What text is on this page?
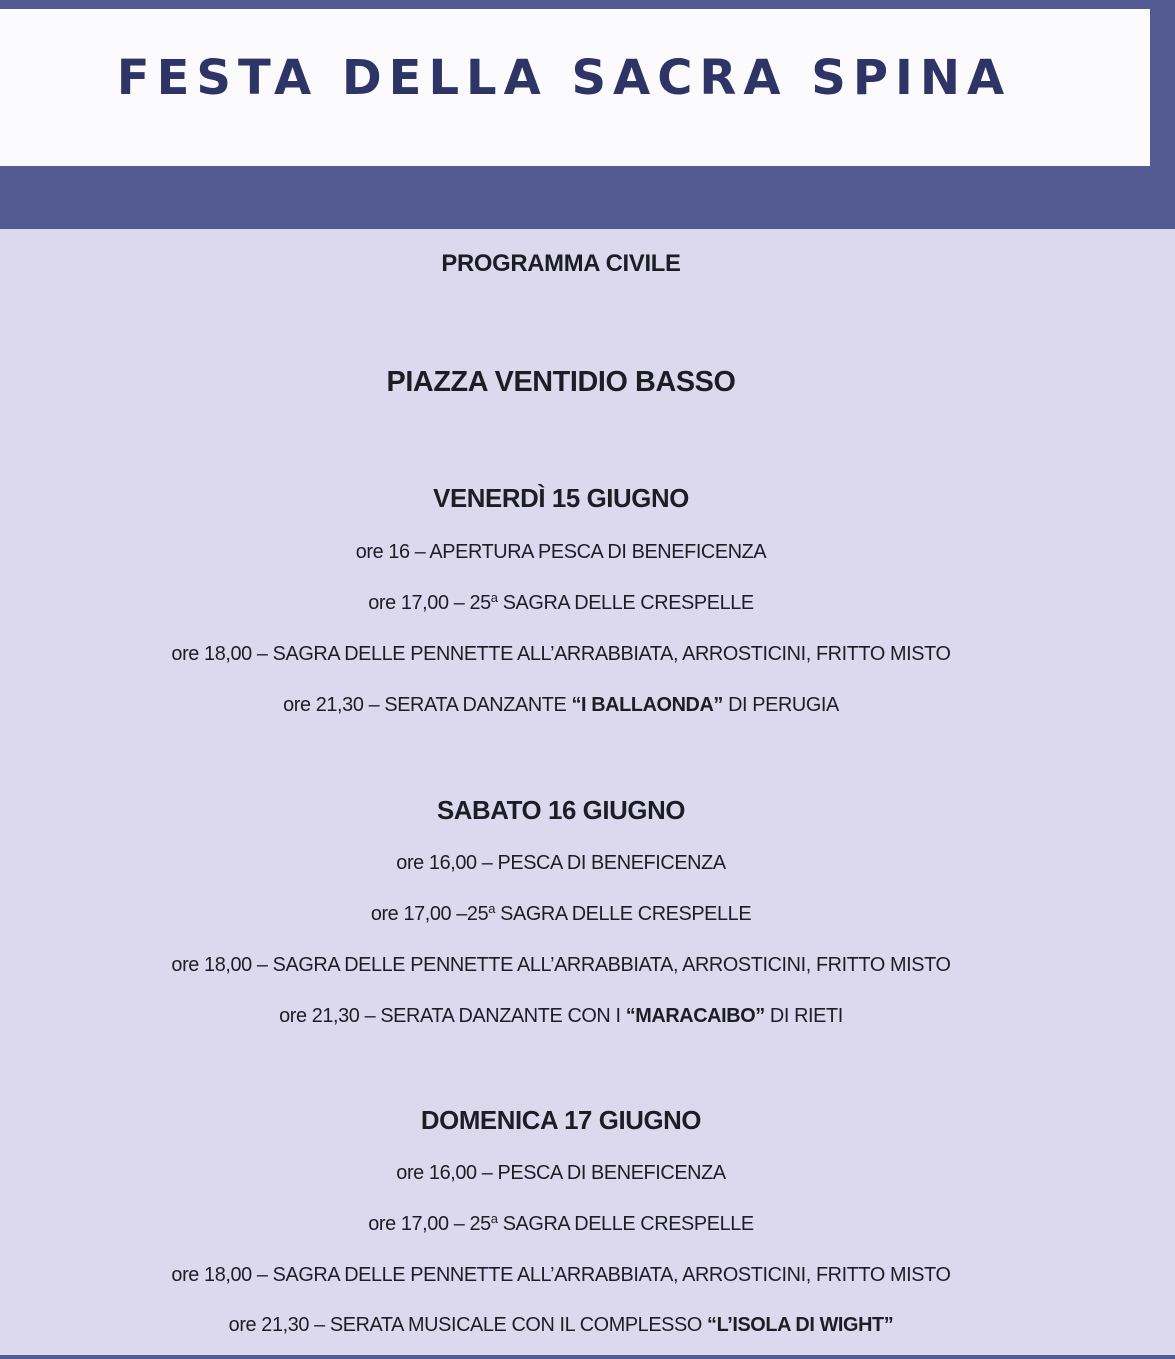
FESTA DELLA SACRA SPINA
PROGRAMMA CIVILE
PIAZZA VENTIDIO BASSO
VENERDÌ 15 GIUGNO
ore 16 – APERTURA PESCA DI BENEFICENZA
ore 17,00 – 25$^a$ SAGRA DELLE CRESPELLE
ore 18,00 – SAGRA DELLE PENNETTE ALL’ARRABBIATA, ARROSTICINI, FRITTO MISTO
ore 21,30 – SERATA DANZANTE “I BALLAONDA” DI PERUGIA
SABATO 16 GIUGNO
ore 16,00 – PESCA DI BENEFICENZA
ore 17,00 –25$^a$ SAGRA DELLE CRESPELLE
ore 18,00 – SAGRA DELLE PENNETTE ALL’ARRABBIATA, ARROSTICINI, FRITTO MISTO
ore 21,30 – SERATA DANZANTE CON I “MARACAIBO” DI RIETI
DOMENICA 17 GIUGNO
ore 16,00 – PESCA DI BENEFICENZA
ore 17,00 – 25$^a$ SAGRA DELLE CRESPELLE
ore 18,00 – SAGRA DELLE PENNETTE ALL’ARRABBIATA, ARROSTICINI, FRITTO MISTO
ore 21,30 – SERATA MUSICALE CON IL COMPLESSO “L’ISOLA DI WIGHT”
